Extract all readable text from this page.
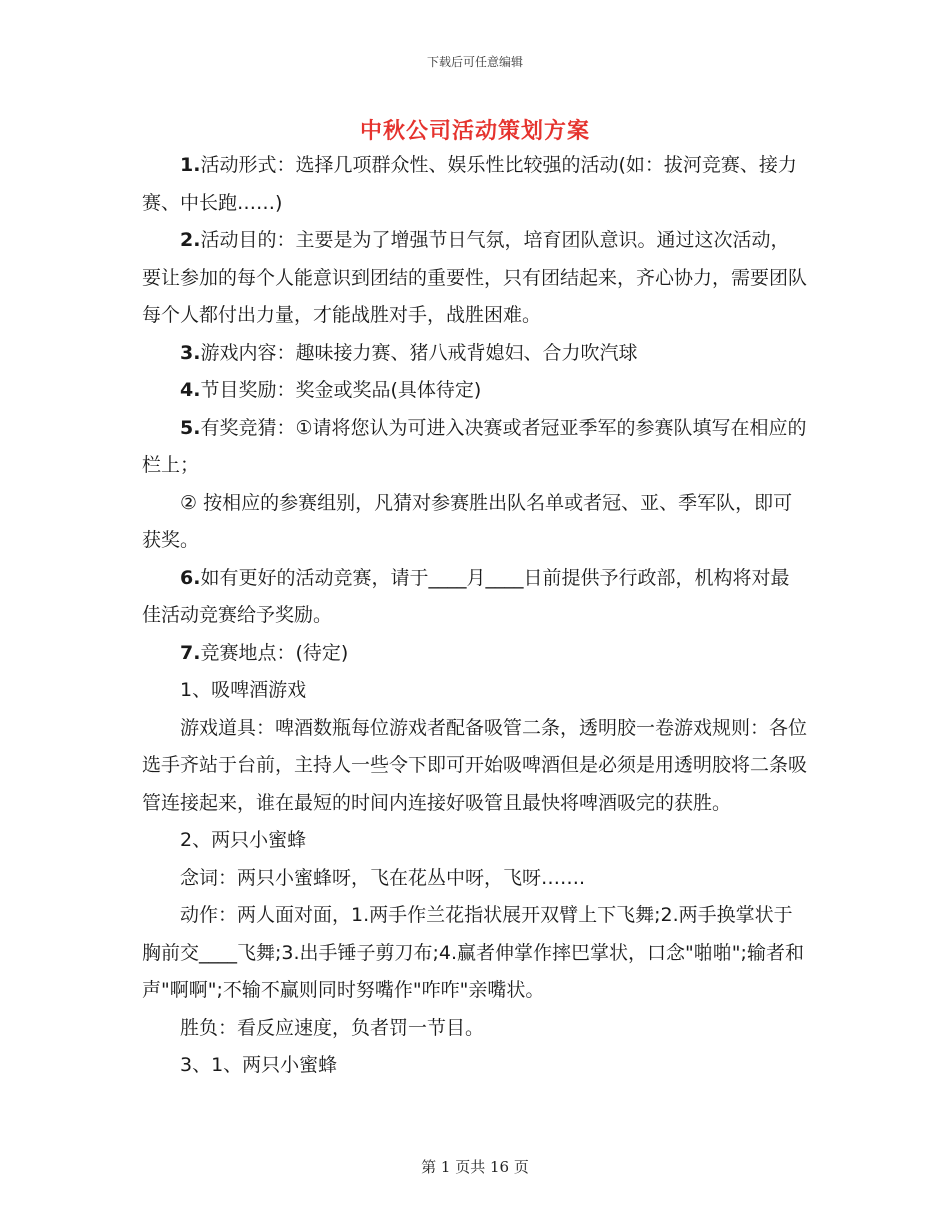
下载后可任意编辑
中秋公司活动策划方案

1.活动形式：选择几项群众性、娱乐性比较强的活动(如：拔河竞赛、接力赛、中长跑……)

2.活动目的：主要是为了增强节日气氛，培育团队意识。通过这次活动，要让参加的每个人能意识到团结的重要性，只有团结起来，齐心协力，需要团队每个人都付出力量，才能战胜对手，战胜困难。

3.游戏内容：趣味接力赛、猪八戒背媳妇、合力吹汽球

4.节目奖励：奖金或奖品(具体待定)

5.有奖竞猜：①请将您认为可进入决赛或者冠亚季军的参赛队填写在相应的栏上；

② 按相应的参赛组别，凡猜对参赛胜出队名单或者冠、亚、季军队，即可获奖。

6.如有更好的活动竞赛，请于____月____日前提供予行政部，机构将对最佳活动竞赛给予奖励。

7.竞赛地点：(待定)

1、吸啤酒游戏

游戏道具：啤酒数瓶每位游戏者配备吸管二条，透明胶一卷游戏规则：各位选手齐站于台前，主持人一些令下即可开始吸啤酒但是必须是用透明胶将二条吸管连接起来，谁在最短的时间内连接好吸管且最快将啤酒吸完的获胜。

2、两只小蜜蜂

念词：两只小蜜蜂呀，飞在花丛中呀，飞呀…….

动作：两人面对面，1.两手作兰花指状展开双臂上下飞舞;2.两手换掌状于胸前交____飞舞;3.出手锤子剪刀布;4.赢者伸掌作摔巴掌状，口念"啪啪";输者和声"啊啊";不输不赢则同时努嘴作"咋咋"亲嘴状。

胜负：看反应速度，负者罚一节目。

3、1、两只小蜜蜂

第 1 页共 16 页
